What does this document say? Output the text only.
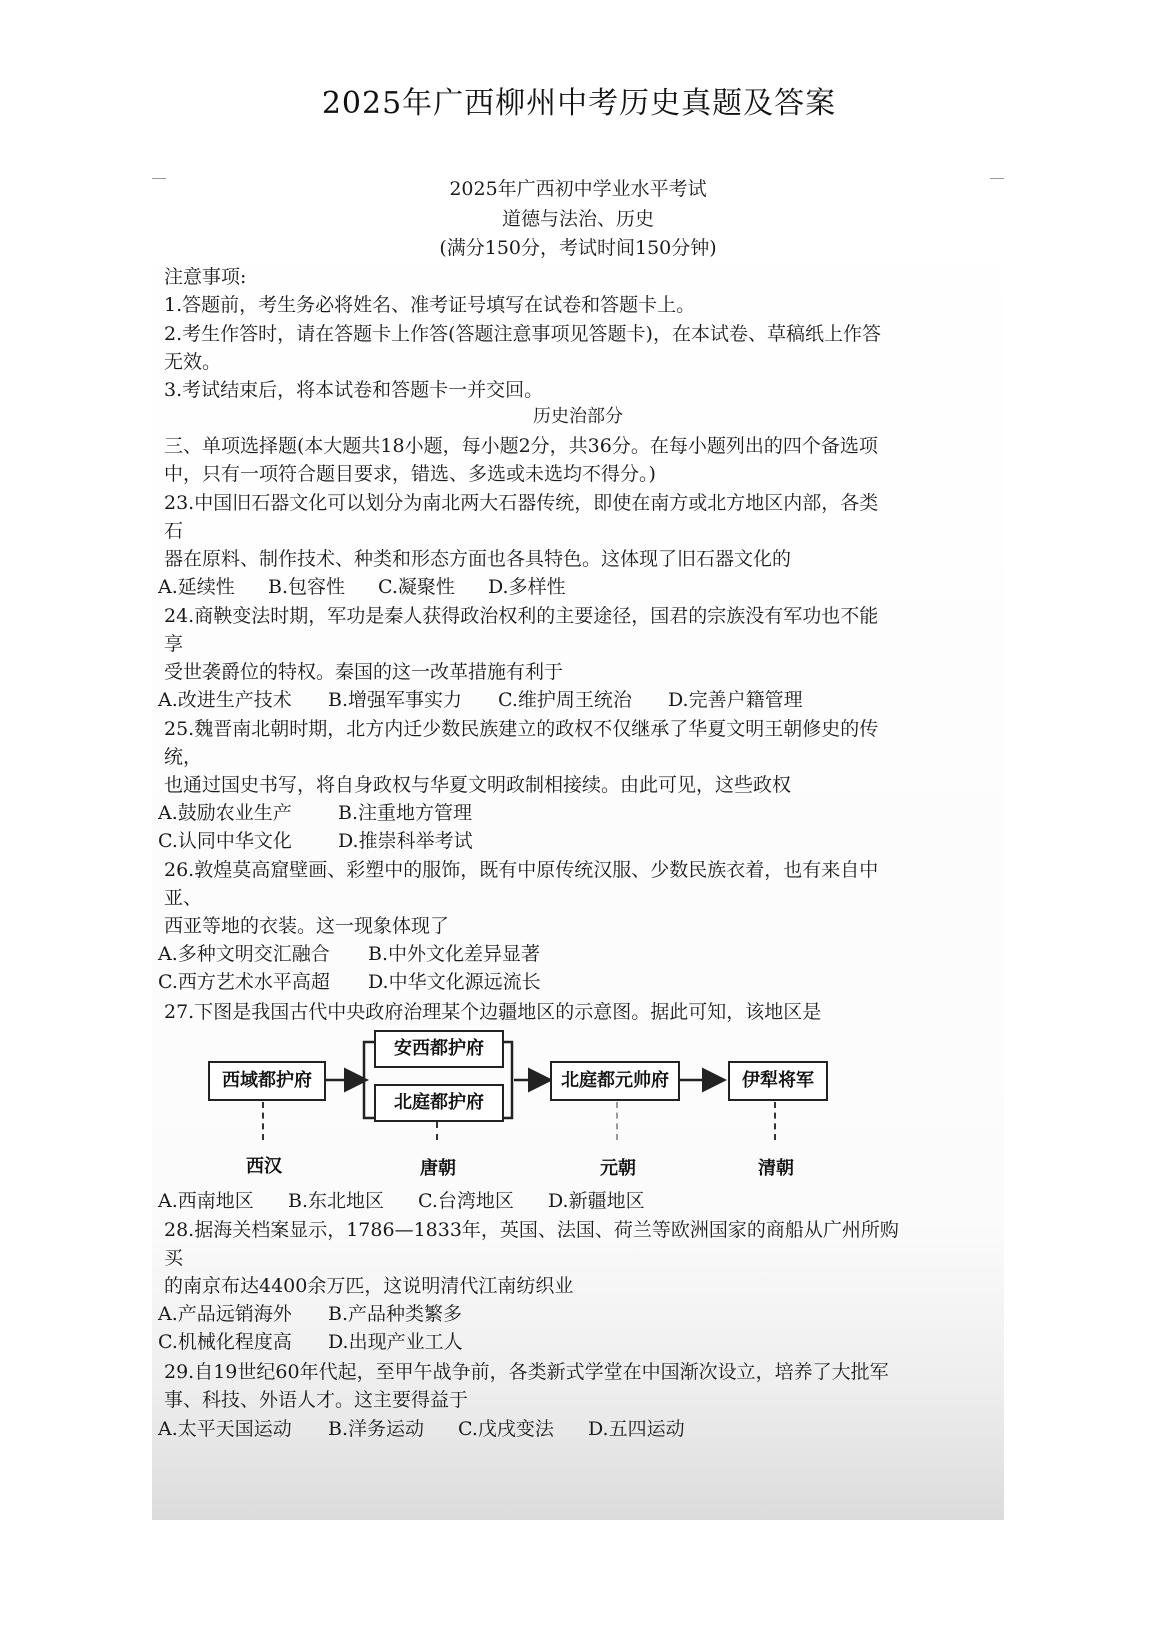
2025年广西柳州中考历史真题及答案
2025年广西初中学业水平考试
道德与法治、历史
(满分150分，考试时间150分钟)
注意事项:
1.答题前，考生务必将姓名、准考证号填写在试卷和答题卡上。
2.考生作答时，请在答题卡上作答(答题注意事项见答题卡)，在本试卷、草稿纸上作答
无效。
3.考试结束后，将本试卷和答题卡一并交回。
历史治部分
三、单项选择题(本大题共18小题，每小题2分，共36分。在每小题列出的四个备选项
中，只有一项符合题目要求，错选、多选或未选均不得分。)
23.中国旧石器文化可以划分为南北两大石器传统，即使在南方或北方地区内部，各类
石
器在原料、制作技术、种类和形态方面也各具特色。这体现了旧石器文化的
A.延续性 B.包容性 C.凝聚性 D.多样性
24.商鞅变法时期，军功是秦人获得政治权利的主要途径，国君的宗族没有军功也不能
享
受世袭爵位的特权。秦国的这一改革措施有利于
A.改进生产技术 B.增强军事实力 C.维护周王统治 D.完善户籍管理
25.魏晋南北朝时期，北方内迁少数民族建立的政权不仅继承了华夏文明王朝修史的传
统，
也通过国史书写，将自身政权与华夏文明政制相接续。由此可见，这些政权
A.鼓励农业生产 B.注重地方管理
C.认同中华文化 D.推崇科举考试
26.敦煌莫高窟壁画、彩塑中的服饰，既有中原传统汉服、少数民族衣着，也有来自中
亚、
西亚等地的衣装。这一现象体现了
A.多种文明交汇融合 B.中外文化差异显著
C.西方艺术水平高超 D.中华文化源远流长
27.下图是我国古代中央政府治理某个边疆地区的示意图。据此可知，该地区是
西域都护府
安西都护府
北庭都护府
北庭都元帅府	伊犁将军
西汉	唐朝	元朝	清朝
A.西南地区 B.东北地区 C.台湾地区 D.新疆地区
28.据海关档案显示，1786—1833年，英国、法国、荷兰等欧洲国家的商船从广州所购
买
的南京布达4400余万匹，这说明清代江南纺织业
A.产品远销海外 B.产品种类繁多
C.机械化程度高 D.出现产业工人
29.自19世纪60年代起，至甲午战争前，各类新式学堂在中国渐次设立，培养了大批军
事、科技、外语人才。这主要得益于
A.太平天国运动 B.洋务运动 C.戊戌变法 D.五四运动
